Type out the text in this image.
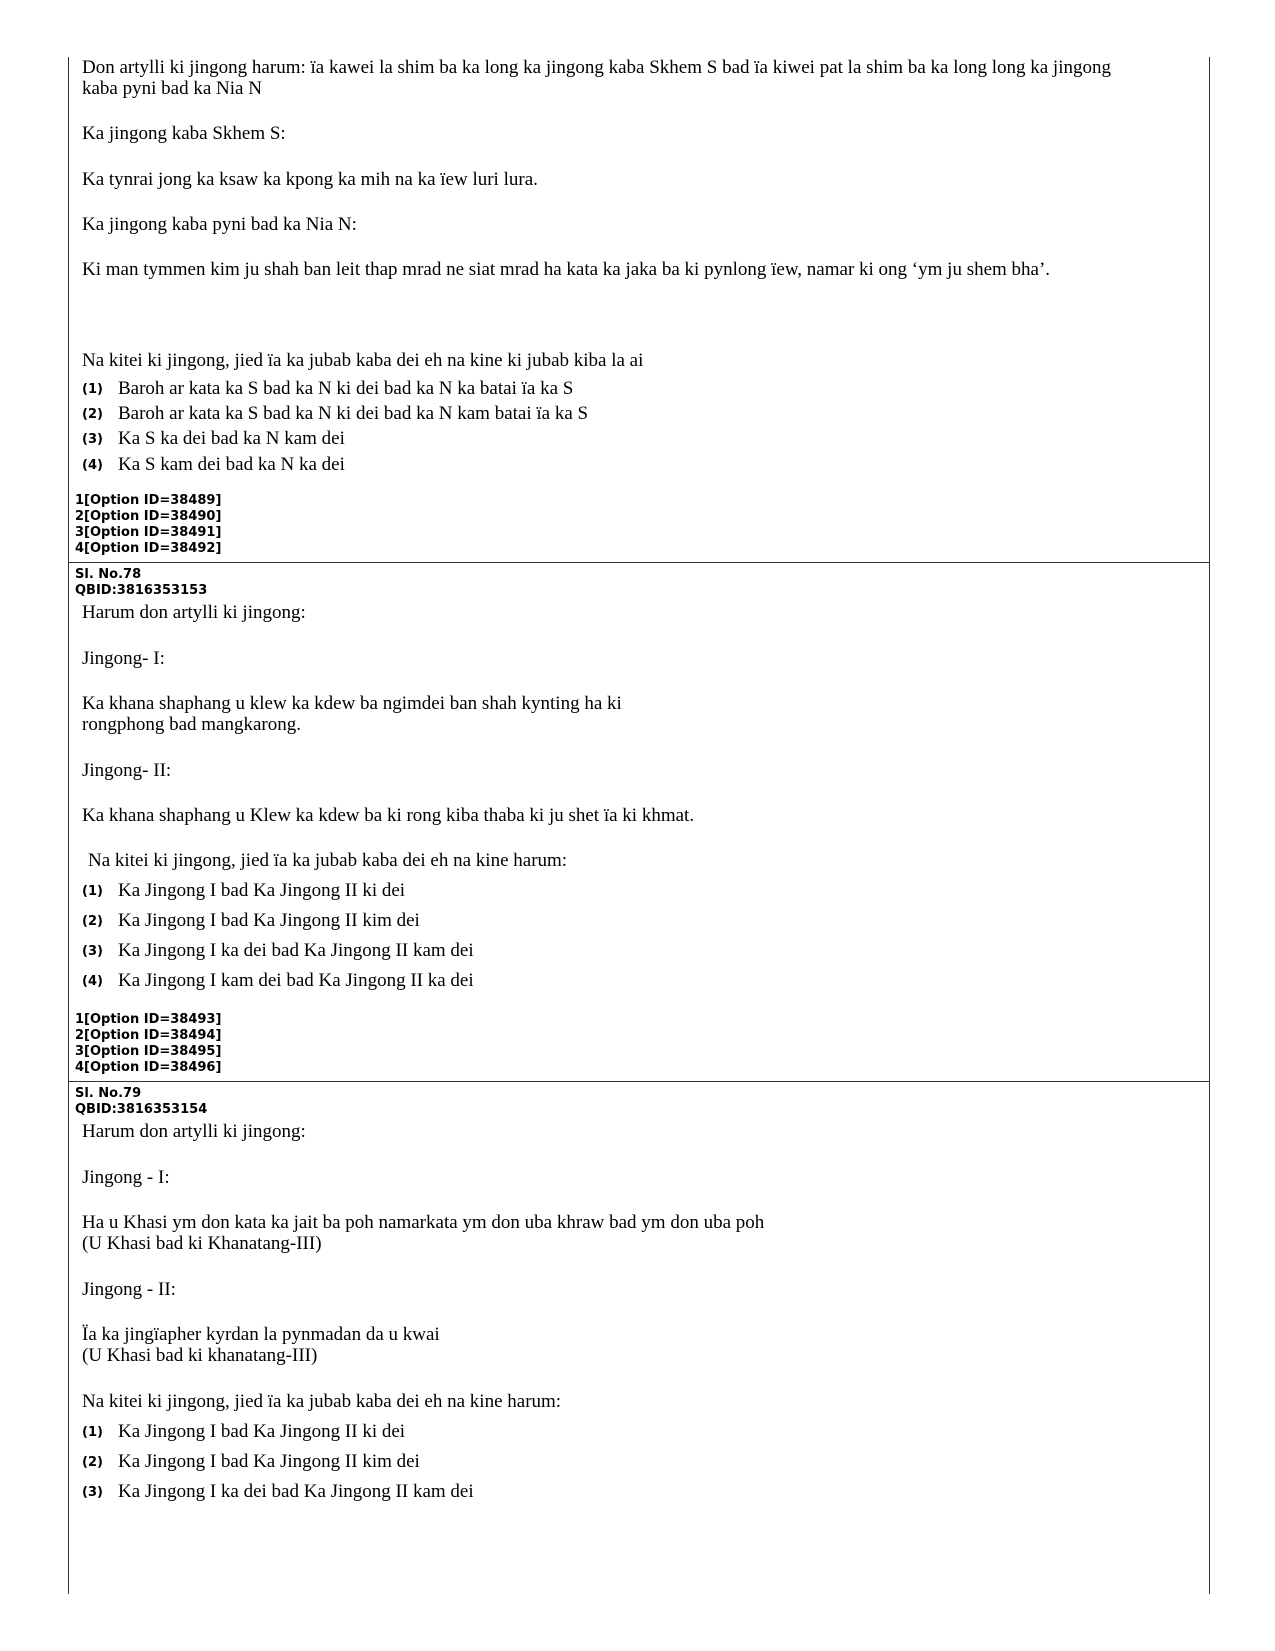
Don artylli ki jingong harum: ïa kawei la shim ba ka long ka jingong kaba Skhem S bad ïa kiwei pat la shim ba ka long long ka jingong
kaba pyni bad ka Nia N
Ka jingong kaba Skhem S:
Ka tynrai jong ka ksaw ka kpong ka mih na ka ïew luri lura.
Ka jingong kaba pyni bad ka Nia N:
Ki man tymmen kim ju shah ban leit thap mrad ne siat mrad ha kata ka jaka ba ki pynlong ïew, namar ki ong ‘ym ju shem bha’.
Na kitei ki jingong, jied ïa ka jubab kaba dei eh na kine ki jubab kiba la ai
(1) Baroh ar kata ka S bad ka N ki dei bad ka N ka batai ïa ka S
(2) Baroh ar kata ka S bad ka N ki dei bad ka N kam batai ïa ka S
(3) Ka S ka dei bad ka N kam dei
(4) Ka S kam dei bad ka N ka dei
1[Option ID=38489]
2[Option ID=38490]
3[Option ID=38491]
4[Option ID=38492]
Sl. No.78
QBID:3816353153
Harum don artylli ki jingong:
Jingong- I:
Ka khana shaphang u klew ka kdew ba ngimdei ban shah kynting ha ki
rongphong bad mangkarong.
Jingong- II:
Ka khana shaphang u Klew ka kdew ba ki rong kiba thaba ki ju shet ïa ki khmat.
Na kitei ki jingong, jied ïa ka jubab kaba dei eh na kine harum:
(1) Ka Jingong I bad Ka Jingong II ki dei
(2) Ka Jingong I bad Ka Jingong II kim dei
(3) Ka Jingong I ka dei bad Ka Jingong II kam dei
(4) Ka Jingong I kam dei bad Ka Jingong II ka dei
1[Option ID=38493]
2[Option ID=38494]
3[Option ID=38495]
4[Option ID=38496]
Sl. No.79
QBID:3816353154
Harum don artylli ki jingong:
Jingong - I:
Ha u Khasi ym don kata ka jait ba poh namarkata ym don uba khraw bad ym don uba poh
(U Khasi bad ki Khanatang-III)
Jingong - II:
Ïa ka jingïapher kyrdan la pynmadan da u kwai
(U Khasi bad ki khanatang-III)
Na kitei ki jingong, jied ïa ka jubab kaba dei eh na kine harum:
(1) Ka Jingong I bad Ka Jingong II ki dei
(2) Ka Jingong I bad Ka Jingong II kim dei
(3) Ka Jingong I ka dei bad Ka Jingong II kam dei
